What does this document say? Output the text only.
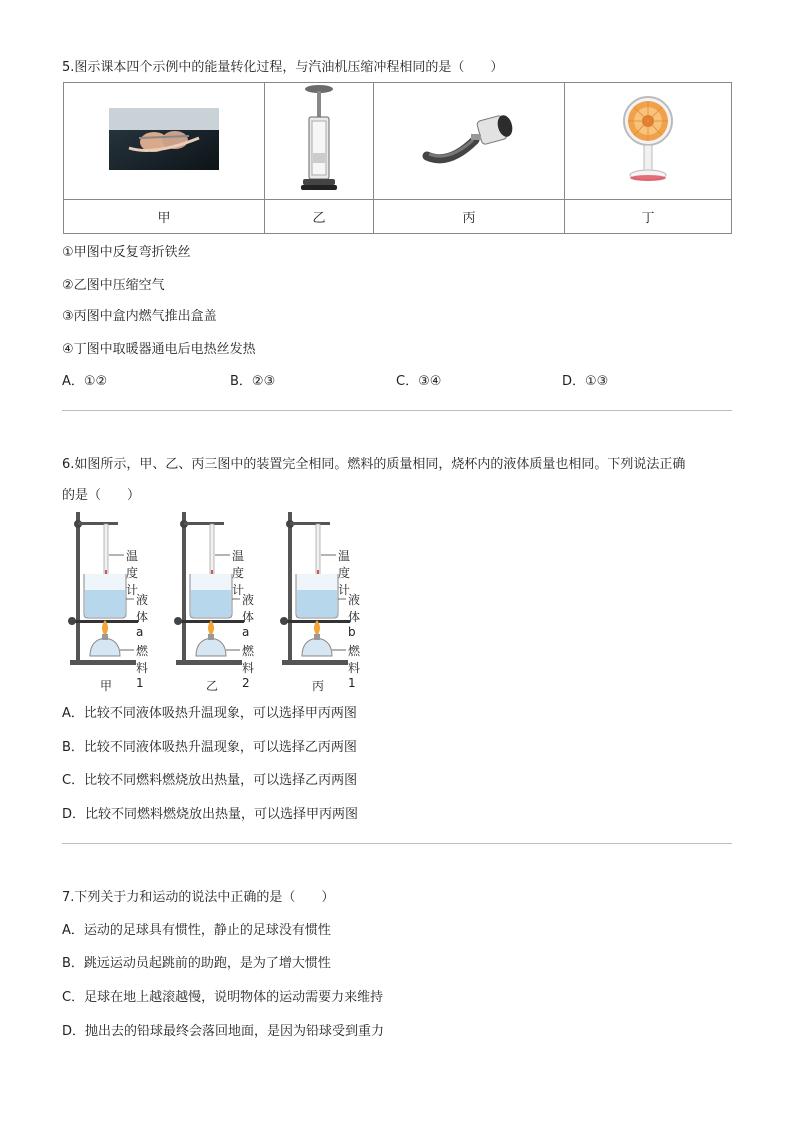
5.图示课本四个示例中的能量转化过程，与汽油机压缩冲程相同的是（　　）

甲	乙	丙	丁
①甲图中反复弯折铁丝
②乙图中压缩空气
③丙图中盒内燃气推出盒盖
④丁图中取暖器通电后电热丝发热
A．①②	B．②③	C．③④	D．①③
6.如图所示，甲、乙、丙三图中的装置完全相同。燃料的质量相同，烧杯内的液体质量也相同。下列说法正确
的是（　　）
温度计
液体a
燃料1
甲
温度计
液体a
燃料2
乙
温度计
液体b
燃料1
丙
A．比较不同液体吸热升温现象，可以选择甲丙两图
B．比较不同液体吸热升温现象，可以选择乙丙两图
C．比较不同燃料燃烧放出热量，可以选择乙丙两图
D．比较不同燃料燃烧放出热量，可以选择甲丙两图
7.下列关于力和运动的说法中正确的是（　　）
A．运动的足球具有惯性，静止的足球没有惯性
B．跳远运动员起跳前的助跑，是为了增大惯性
C．足球在地上越滚越慢，说明物体的运动需要力来维持
D．抛出去的铅球最终会落回地面，是因为铅球受到重力
